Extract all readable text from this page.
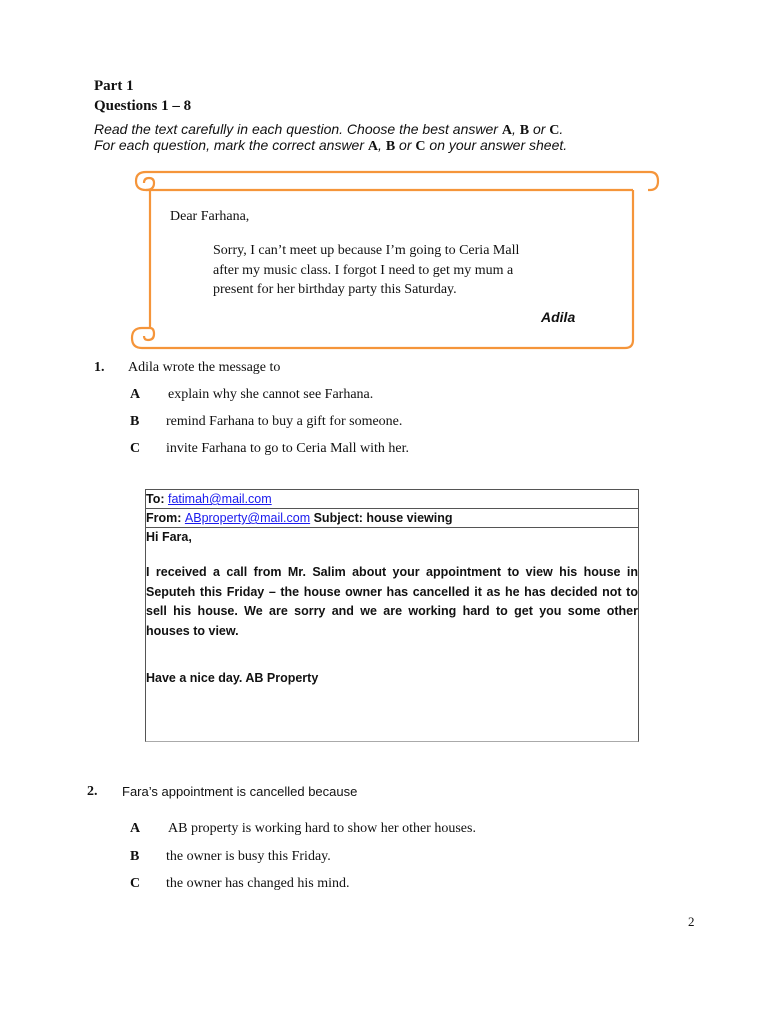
Part 1
Questions 1 – 8
Read the text carefully in each question. Choose the best answer A, B or C.
For each question, mark the correct answer A, B or C on your answer sheet.
Dear Farhana,
Sorry, I can’t meet up because I’m going to Ceria Mall
after my music class. I forgot I need to get my mum a
present for her birthday party this Saturday.
Adila
1. Adila wrote the message to
A explain why she cannot see Farhana.
B remind Farhana to buy a gift for someone.
C invite Farhana to go to Ceria Mall with her.
To: fatimah@mail.com
From: ABproperty@mail.com Subject: house viewing
Hi Fara,
I received a call from Mr. Salim about your appointment to view his house in Seputeh this Friday – the house owner has cancelled it as he has decided not to sell his house. We are sorry and we are working hard to get you some other houses to view.
Have a nice day. AB Property
2. Fara’s appointment is cancelled because
A AB property is working hard to show her other houses.
B the owner is busy this Friday.
C the owner has changed his mind.
2
